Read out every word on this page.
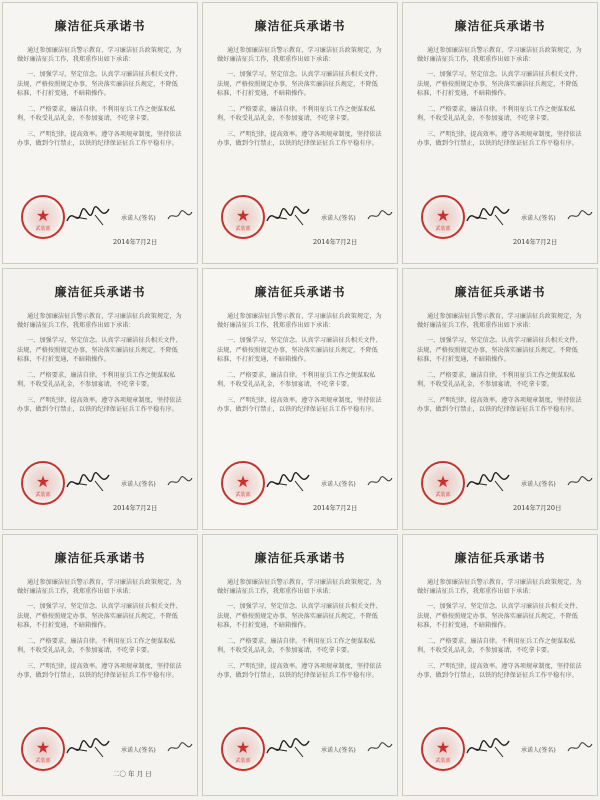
廉洁征兵承诺书
通过参加廉洁征兵警示教育，学习廉洁征兵政策规定，为做好廉洁征兵工作，我郑重作出如下承诺：
一、加强学习，坚定信念。认真学习廉洁征兵相关文件、法规，严格按照规定办事，坚决落实廉洁征兵规定，不降低标准，不打折变通，不暗箱操作。
二、严格要求，廉洁自律。不利用征兵工作之便谋取私利，不收受礼品礼金，不参加宴请，不吃拿卡要。
三、严明纪律，提高效率。遵守各项规章制度，坚持依法办事，做到令行禁止，以铁的纪律保证征兵工作平稳有序。
★
武装部
承诺人(签名)
2014年7月2日
廉洁征兵承诺书
通过参加廉洁征兵警示教育，学习廉洁征兵政策规定，为做好廉洁征兵工作，我郑重作出如下承诺：
一、加强学习，坚定信念。认真学习廉洁征兵相关文件、法规，严格按照规定办事，坚决落实廉洁征兵规定，不降低标准，不打折变通，不暗箱操作。
二、严格要求，廉洁自律。不利用征兵工作之便谋取私利，不收受礼品礼金，不参加宴请，不吃拿卡要。
三、严明纪律，提高效率。遵守各项规章制度，坚持依法办事，做到令行禁止，以铁的纪律保证征兵工作平稳有序。
★
武装部
承诺人(签名)
2014年7月2日
廉洁征兵承诺书
通过参加廉洁征兵警示教育，学习廉洁征兵政策规定，为做好廉洁征兵工作，我郑重作出如下承诺：
一、加强学习，坚定信念。认真学习廉洁征兵相关文件、法规，严格按照规定办事，坚决落实廉洁征兵规定，不降低标准，不打折变通，不暗箱操作。
二、严格要求，廉洁自律。不利用征兵工作之便谋取私利，不收受礼品礼金，不参加宴请，不吃拿卡要。
三、严明纪律，提高效率。遵守各项规章制度，坚持依法办事，做到令行禁止，以铁的纪律保证征兵工作平稳有序。
★
武装部
承诺人(签名)
2014年7月2日
廉洁征兵承诺书
通过参加廉洁征兵警示教育，学习廉洁征兵政策规定，为做好廉洁征兵工作，我郑重作出如下承诺：
一、加强学习，坚定信念。认真学习廉洁征兵相关文件、法规，严格按照规定办事，坚决落实廉洁征兵规定，不降低标准，不打折变通，不暗箱操作。
二、严格要求，廉洁自律。不利用征兵工作之便谋取私利，不收受礼品礼金，不参加宴请，不吃拿卡要。
三、严明纪律，提高效率。遵守各项规章制度，坚持依法办事，做到令行禁止，以铁的纪律保证征兵工作平稳有序。
★
武装部
承诺人(签名)
2014年7月2日
廉洁征兵承诺书
通过参加廉洁征兵警示教育，学习廉洁征兵政策规定，为做好廉洁征兵工作，我郑重作出如下承诺：
一、加强学习，坚定信念。认真学习廉洁征兵相关文件、法规，严格按照规定办事，坚决落实廉洁征兵规定，不降低标准，不打折变通，不暗箱操作。
二、严格要求，廉洁自律。不利用征兵工作之便谋取私利，不收受礼品礼金，不参加宴请，不吃拿卡要。
三、严明纪律，提高效率。遵守各项规章制度，坚持依法办事，做到令行禁止，以铁的纪律保证征兵工作平稳有序。
★
武装部
承诺人(签名)
2014年7月2日
廉洁征兵承诺书
通过参加廉洁征兵警示教育，学习廉洁征兵政策规定，为做好廉洁征兵工作，我郑重作出如下承诺：
一、加强学习，坚定信念。认真学习廉洁征兵相关文件、法规，严格按照规定办事，坚决落实廉洁征兵规定，不降低标准，不打折变通，不暗箱操作。
二、严格要求，廉洁自律。不利用征兵工作之便谋取私利，不收受礼品礼金，不参加宴请，不吃拿卡要。
三、严明纪律，提高效率。遵守各项规章制度，坚持依法办事，做到令行禁止，以铁的纪律保证征兵工作平稳有序。
★
武装部
承诺人(签名)
2014年7月20日
廉洁征兵承诺书
通过参加廉洁征兵警示教育，学习廉洁征兵政策规定，为做好廉洁征兵工作，我郑重作出如下承诺：
一、加强学习，坚定信念。认真学习廉洁征兵相关文件、法规，严格按照规定办事，坚决落实廉洁征兵规定，不降低标准，不打折变通，不暗箱操作。
二、严格要求，廉洁自律。不利用征兵工作之便谋取私利，不收受礼品礼金，不参加宴请，不吃拿卡要。
三、严明纪律，提高效率。遵守各项规章制度，坚持依法办事，做到令行禁止，以铁的纪律保证征兵工作平稳有序。
★
武装部
承诺人(签名)
二〇 年 月 日
廉洁征兵承诺书
通过参加廉洁征兵警示教育，学习廉洁征兵政策规定，为做好廉洁征兵工作，我郑重作出如下承诺：
一、加强学习，坚定信念。认真学习廉洁征兵相关文件、法规，严格按照规定办事，坚决落实廉洁征兵规定，不降低标准，不打折变通，不暗箱操作。
二、严格要求，廉洁自律。不利用征兵工作之便谋取私利，不收受礼品礼金，不参加宴请，不吃拿卡要。
三、严明纪律，提高效率。遵守各项规章制度，坚持依法办事，做到令行禁止，以铁的纪律保证征兵工作平稳有序。
★
武装部
承诺人(签名)
廉洁征兵承诺书
通过参加廉洁征兵警示教育，学习廉洁征兵政策规定，为做好廉洁征兵工作，我郑重作出如下承诺：
一、加强学习，坚定信念。认真学习廉洁征兵相关文件、法规，严格按照规定办事，坚决落实廉洁征兵规定，不降低标准，不打折变通，不暗箱操作。
二、严格要求，廉洁自律。不利用征兵工作之便谋取私利，不收受礼品礼金，不参加宴请，不吃拿卡要。
三、严明纪律，提高效率。遵守各项规章制度，坚持依法办事，做到令行禁止，以铁的纪律保证征兵工作平稳有序。
★
武装部
承诺人(签名)
